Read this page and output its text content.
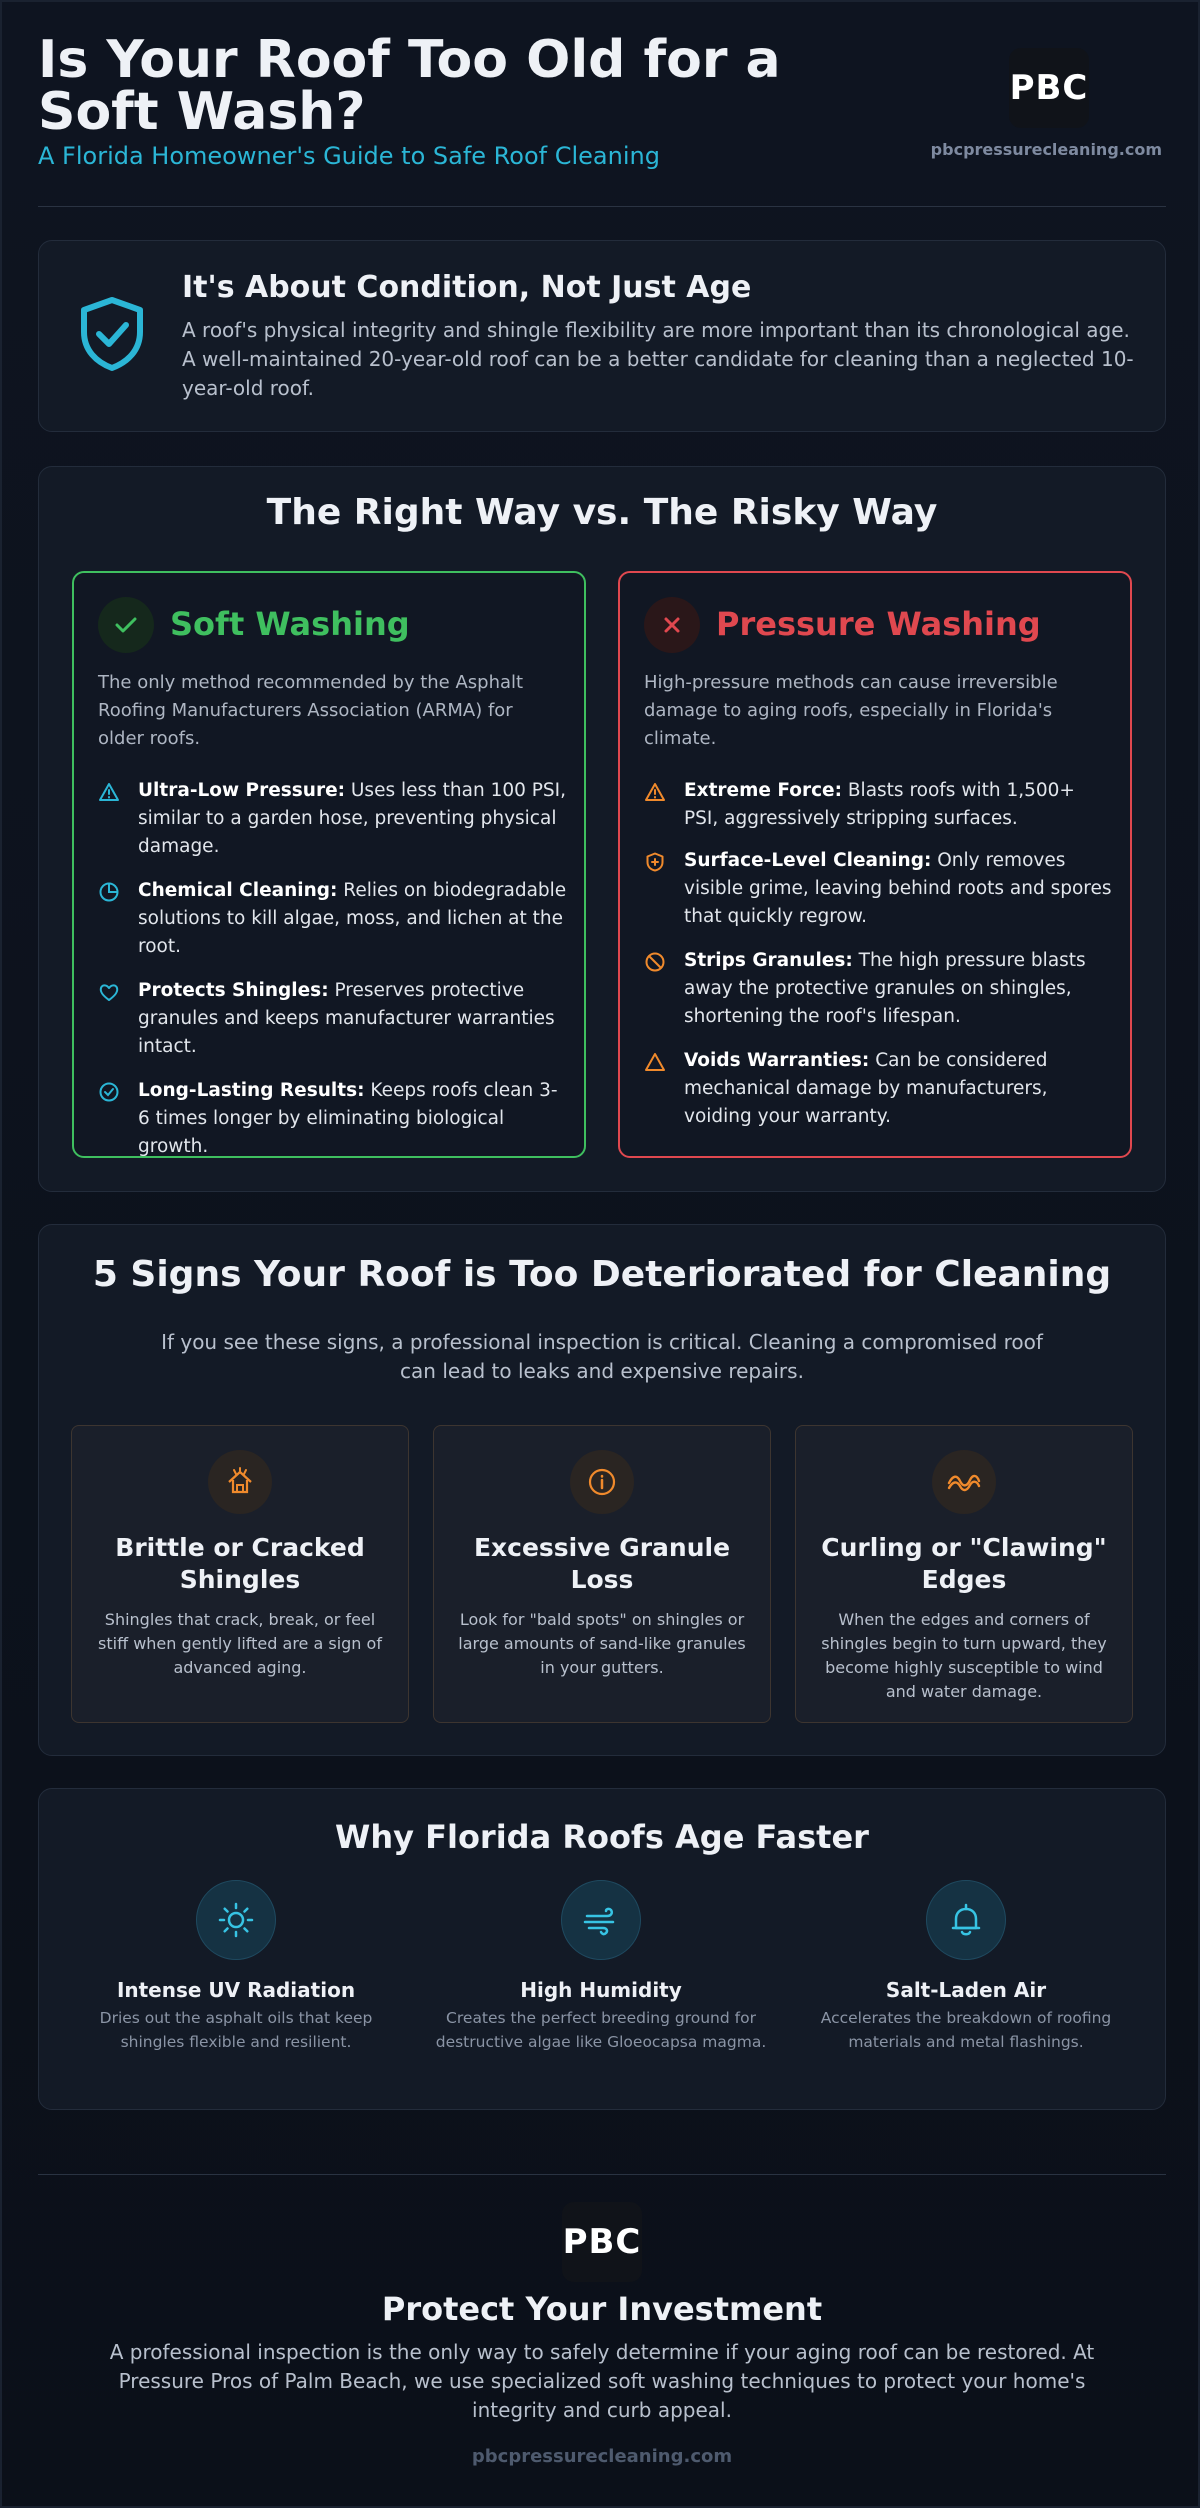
Is Your Roof Too Old for a Soft Wash?
A Florida Homeowner's Guide to Safe Roof Cleaning
PBC
pbcpressurecleaning.com
It's About Condition, Not Just Age
A roof's physical integrity and shingle flexibility are more important than its chronological age. A well-maintained 20-year-old roof can be a better candidate for cleaning than a neglected 10-year-old roof.
The Right Way vs. The Risky Way
Soft Washing
The only method recommended by the Asphalt Roofing Manufacturers Association (ARMA) for older roofs.
Ultra-Low Pressure: Uses less than 100 PSI, similar to a garden hose, preventing physical damage.
Chemical Cleaning: Relies on biodegradable solutions to kill algae, moss, and lichen at the root.
Protects Shingles: Preserves protective granules and keeps manufacturer warranties intact.
Long-Lasting Results: Keeps roofs clean 3-6 times longer by eliminating biological growth.
Pressure Washing
High-pressure methods can cause irreversible damage to aging roofs, especially in Florida's climate.
Extreme Force: Blasts roofs with 1,500+ PSI, aggressively stripping surfaces.
Surface-Level Cleaning: Only removes visible grime, leaving behind roots and spores that quickly regrow.
Strips Granules: The high pressure blasts away the protective granules on shingles, shortening the roof's lifespan.
Voids Warranties: Can be considered mechanical damage by manufacturers, voiding your warranty.
5 Signs Your Roof is Too Deteriorated for Cleaning
If you see these signs, a professional inspection is critical. Cleaning a compromised roof can lead to leaks and expensive repairs.
Brittle or Cracked Shingles
Shingles that crack, break, or feel stiff when gently lifted are a sign of advanced aging.
Excessive Granule Loss
Look for "bald spots" on shingles or large amounts of sand-like granules in your gutters.
Curling or "Clawing" Edges
When the edges and corners of shingles begin to turn upward, they become highly susceptible to wind and water damage.
Why Florida Roofs Age Faster
Intense UV Radiation
Dries out the asphalt oils that keep shingles flexible and resilient.
High Humidity
Creates the perfect breeding ground for destructive algae like Gloeocapsa magma.
Salt-Laden Air
Accelerates the breakdown of roofing materials and metal flashings.
PBC
Protect Your Investment
A professional inspection is the only way to safely determine if your aging roof can be restored. At Pressure Pros of Palm Beach, we use specialized soft washing techniques to protect your home's integrity and curb appeal.
pbcpressurecleaning.com
